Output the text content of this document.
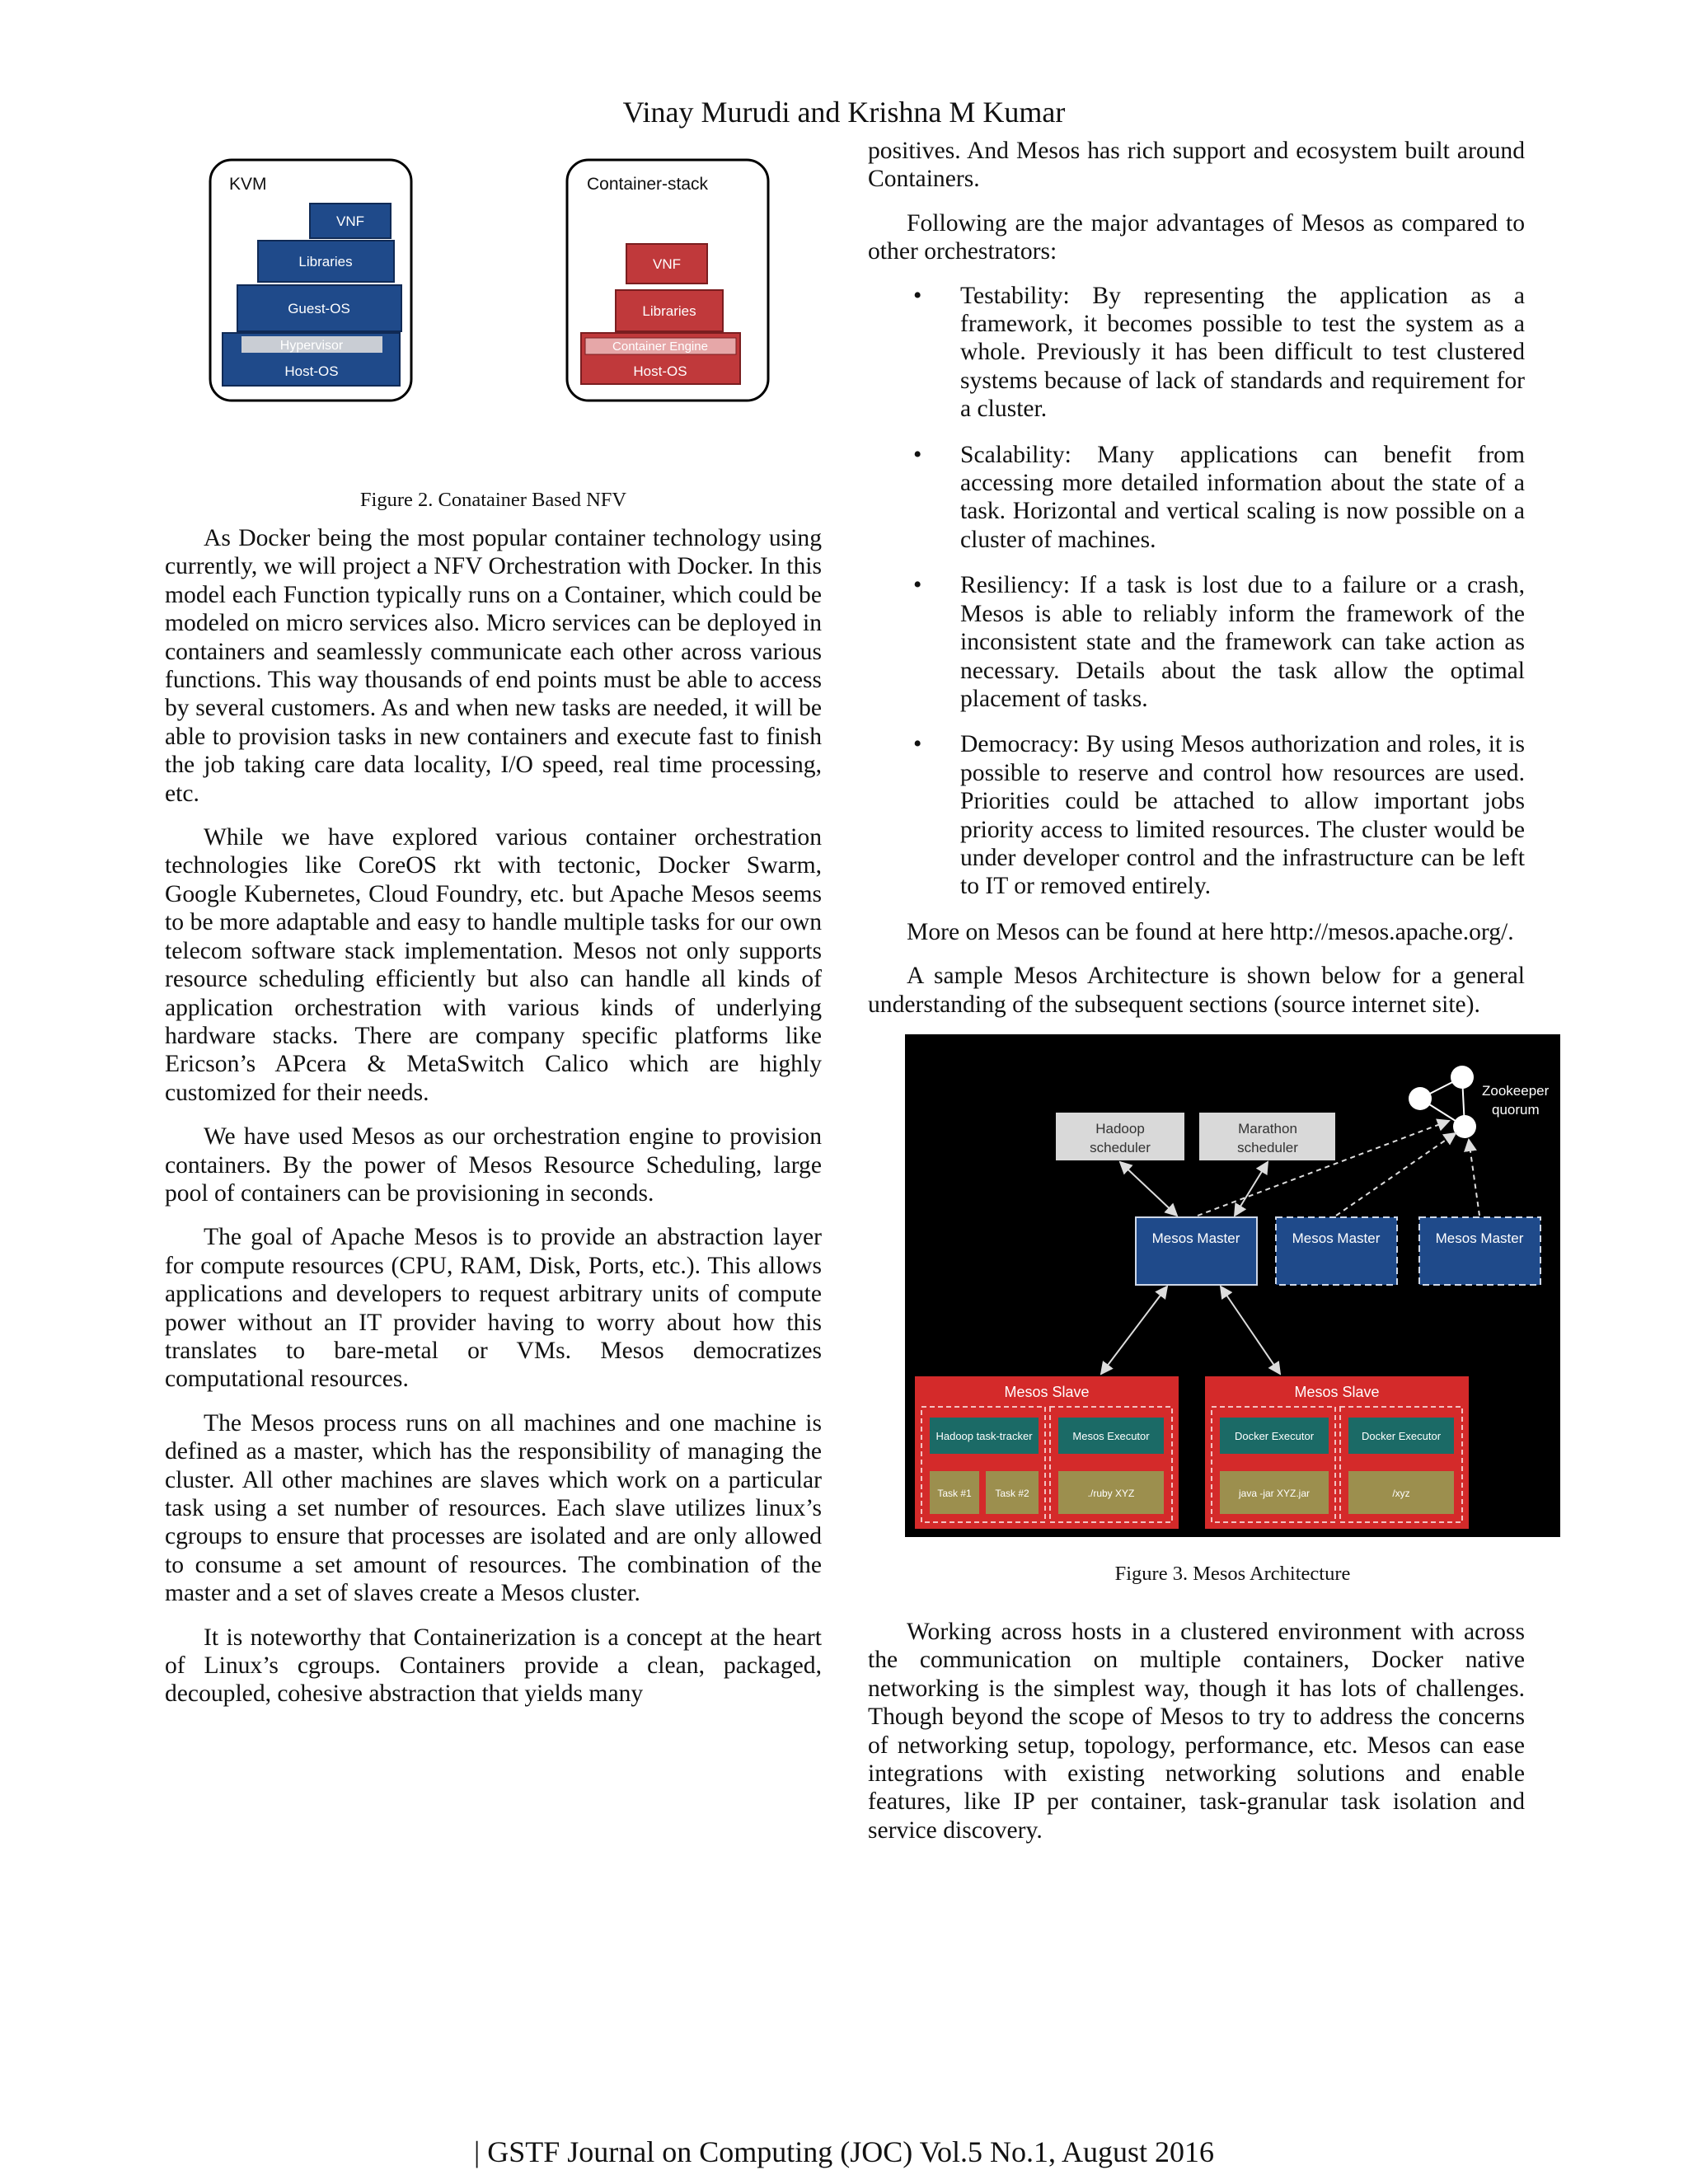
Vinay Murudi and Krishna M Kumar
KVM
VNF
Libraries
Guest-OS
Hypervisor
Host-OS
Container-stack
VNF
Libraries
Container Engine
Host-OS
Figure 2. Conatainer Based NFV

As Docker being the most popular container technology using currently, we will project a NFV Orchestration with Docker. In this model each Function typically runs on a Container, which could be modeled on micro services also. Micro services can be deployed in containers and seamlessly communicate each other across various functions. This way thousands of end points must be able to access by several customers. As and when new tasks are needed, it will be able to provision tasks in new containers and execute fast to finish the job taking care data locality, I/O speed, real time processing, etc.

While we have explored various container orchestration technologies like CoreOS rkt with tectonic, Docker Swarm, Google Kubernetes, Cloud Foundry, etc. but Apache Mesos seems to be more adaptable and easy to handle multiple tasks for our own telecom software stack implementation. Mesos not only supports resource scheduling efficiently but also can handle all kinds of application orchestration with various kinds of underlying hardware stacks. There are company specific platforms like Ericson’s APcera & MetaSwitch Calico which are highly customized for their needs.

We have used Mesos as our orchestration engine to provision containers. By the power of Mesos Resource Scheduling, large pool of containers can be provisioning in seconds.

The goal of Apache Mesos is to provide an abstraction layer for compute resources (CPU, RAM, Disk, Ports, etc.). This allows applications and developers to request arbitrary units of compute power without an IT provider having to worry about how this translates to bare-metal or VMs. Mesos democratizes computational resources.

The Mesos process runs on all machines and one machine is defined as a master, which has the responsibility of managing the cluster. All other machines are slaves which work on a particular task using a set number of resources. Each slave utilizes linux’s cgroups to ensure that processes are isolated and are only allowed to consume a set amount of resources. The combination of the master and a set of slaves create a Mesos cluster.

It is noteworthy that Containerization is a concept at the heart of Linux’s cgroups. Containers provide a clean, packaged, decoupled, cohesive abstraction that yields many

positives. And Mesos has rich support and ecosystem built around Containers.

Following are the major advantages of Mesos as compared to other orchestrators:

• Testability: By representing the application as a framework, it becomes possible to test the system as a whole. Previously it has been difficult to test clustered systems because of lack of standards and requirement for a cluster.
• Scalability: Many applications can benefit from accessing more detailed information about the state of a task. Horizontal and vertical scaling is now possible on a cluster of machines.
• Resiliency: If a task is lost due to a failure or a crash, Mesos is able to reliably inform the framework of the inconsistent state and the framework can take action as necessary. Details about the task allow the optimal placement of tasks.
• Democracy: By using Mesos authorization and roles, it is possible to reserve and control how resources are used. Priorities could be attached to allow important jobs priority access to limited resources. The cluster would be under developer control and the infrastructure can be left to IT or removed entirely.

More on Mesos can be found at here http://mesos.apache.org/.

A sample Mesos Architecture is shown below for a general understanding of the subsequent sections (source internet site).

Zookeeper
quorum
Hadoop
scheduler
Marathon
scheduler
Mesos Master	Mesos Master	Mesos Master
Mesos Slave
Hadoop task-tracker	Mesos Executor
Task #1 Task #2	./ruby XYZ
Mesos Slave
Docker Executor	Docker Executor
java -jar XYZ.jar	/xyz
Figure 3. Mesos Architecture

Working across hosts in a clustered environment with across the communication on multiple containers, Docker native networking is the simplest way, though it has lots of challenges. Though beyond the scope of Mesos to try to address the concerns of networking setup, topology, performance, etc. Mesos can ease integrations with existing networking solutions and enable features, like IP per container, task-granular task isolation and service discovery.

| GSTF Journal on Computing (JOC) Vol.5 No.1, August 2016
